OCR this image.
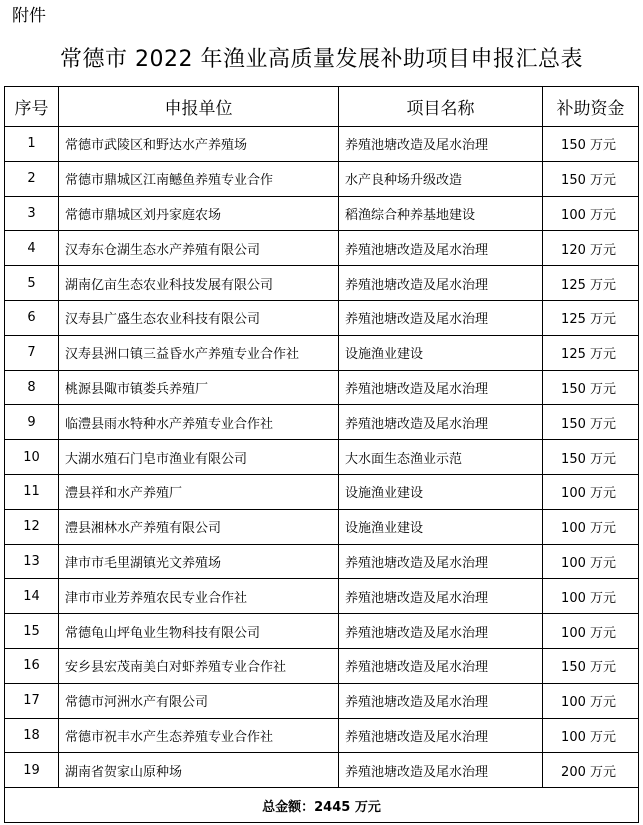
附件
常德市 2022 年渔业高质量发展补助项目申报汇总表
序号	申报单位	项目名称	补助资金
1	常德市武陵区和野达水产养殖场	养殖池塘改造及尾水治理	150 万元
2	常德市鼎城区江南鳡鱼养殖专业合作	水产良种场升级改造	150 万元
3	常德市鼎城区刘丹家庭农场	稻渔综合种养基地建设	100 万元
4	汉寿东仓湖生态水产养殖有限公司	养殖池塘改造及尾水治理	120 万元
5	湖南亿亩生态农业科技发展有限公司	养殖池塘改造及尾水治理	125 万元
6	汉寿县广盛生态农业科技有限公司	养殖池塘改造及尾水治理	125 万元
7	汉寿县洲口镇三益昏水产养殖专业合作社	设施渔业建设	125 万元
8	桃源县陬市镇娄兵养殖厂	养殖池塘改造及尾水治理	150 万元
9	临澧县雨水特种水产养殖专业合作社	养殖池塘改造及尾水治理	150 万元
10	大湖水殖石门皂市渔业有限公司	大水面生态渔业示范	150 万元
11	澧县祥和水产养殖厂	设施渔业建设	100 万元
12	澧县湘林水产养殖有限公司	设施渔业建设	100 万元
13	津市市毛里湖镇光文养殖场	养殖池塘改造及尾水治理	100 万元
14	津市市业芳养殖农民专业合作社	养殖池塘改造及尾水治理	100 万元
15	常德龟山坪龟业生物科技有限公司	养殖池塘改造及尾水治理	100 万元
16	安乡县宏茂南美白对虾养殖专业合作社	养殖池塘改造及尾水治理	150 万元
17	常德市河洲水产有限公司	养殖池塘改造及尾水治理	100 万元
18	常德市祝丰水产生态养殖专业合作社	养殖池塘改造及尾水治理	100 万元
19	湖南省贺家山原种场	养殖池塘改造及尾水治理	200 万元
总金额：2445 万元			
